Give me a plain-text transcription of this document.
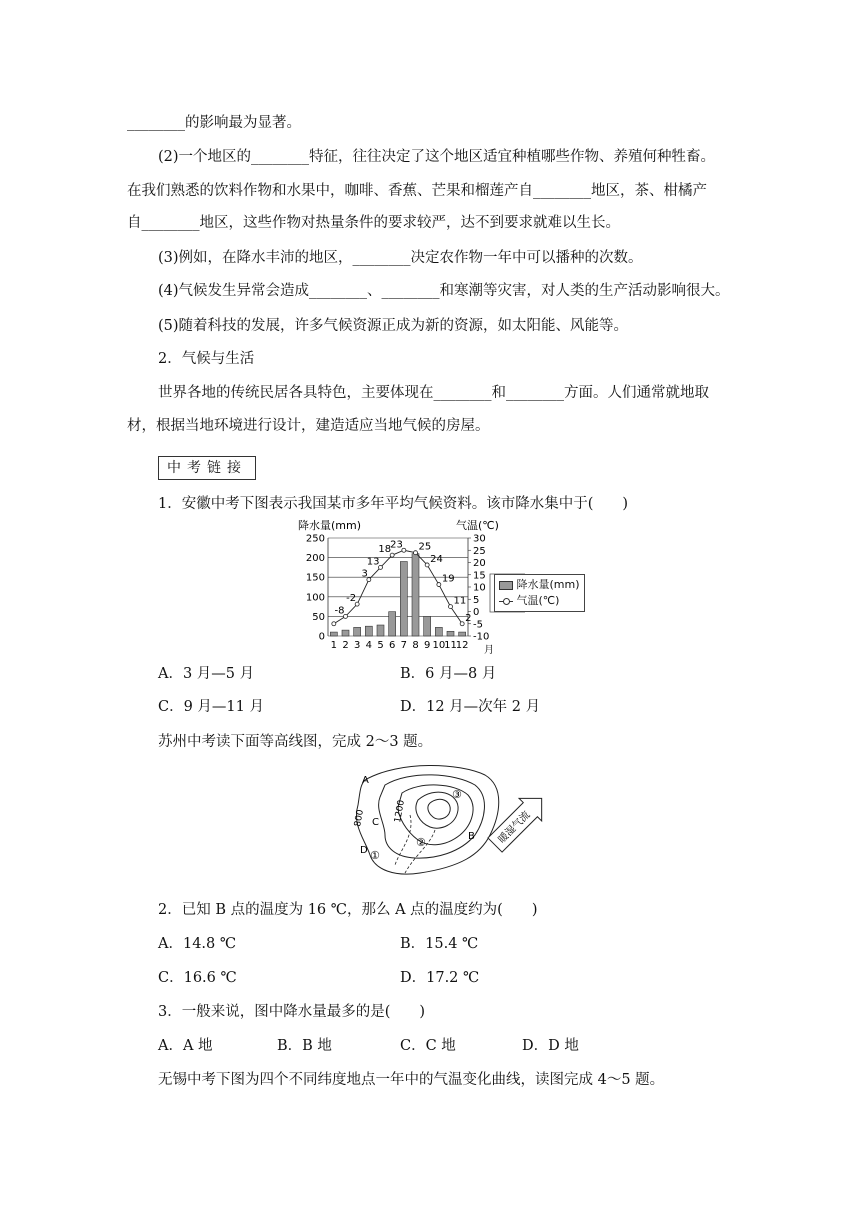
________的影响最为显著。
(2)一个地区的________特征，往往决定了这个地区适宜种植哪些作物、养殖何种牲畜。
在我们熟悉的饮料作物和水果中，咖啡、香蕉、芒果和榴莲产自________地区，茶、柑橘产
自________地区，这些作物对热量条件的要求较严，达不到要求就难以生长。
(3)例如，在降水丰沛的地区，________决定农作物一年中可以播种的次数。
(4)气候发生异常会造成________、________和寒潮等灾害，对人类的生产活动影响很大。
(5)随着科技的发展，许多气候资源正成为新的资源，如太阳能、风能等。
2．气候与生活
世界各地的传统民居各具特色，主要体现在________和________方面。人们通常就地取
材，根据当地环境进行设计，建造适应当地气候的房屋。
中考链接
1．安徽中考下图表示我国某市多年平均气候资料。该市降水集中于(　　)
降水量(mm)	气温(℃)
月
0
50
100
150
200
250
-10
-5
0
5
10
15
20
25
30
1 2 3 4 5 6 7 8 9 10
11
12
-8
-2
3
13
18
23 25
24
19
11
2
降水量(mm)
气温(℃)
A．3 月—5 月	B．6 月—8 月
C．9 月—11 月	D．12 月—次年 2 月
苏州中考读下面等高线图，完成 2～3 题。
A
B
C
D ①
②
③
800	1200	暖湿气流
2．已知 B 点的温度为 16 ℃，那么 A 点的温度约为(　　)
A．14.8 ℃	B．15.4 ℃
C．16.6 ℃	D．17.2 ℃
3．一般来说，图中降水量最多的是(　　)
A．A 地	B．B 地	C．C 地	D．D 地
无锡中考下图为四个不同纬度地点一年中的气温变化曲线，读图完成 4～5 题。
